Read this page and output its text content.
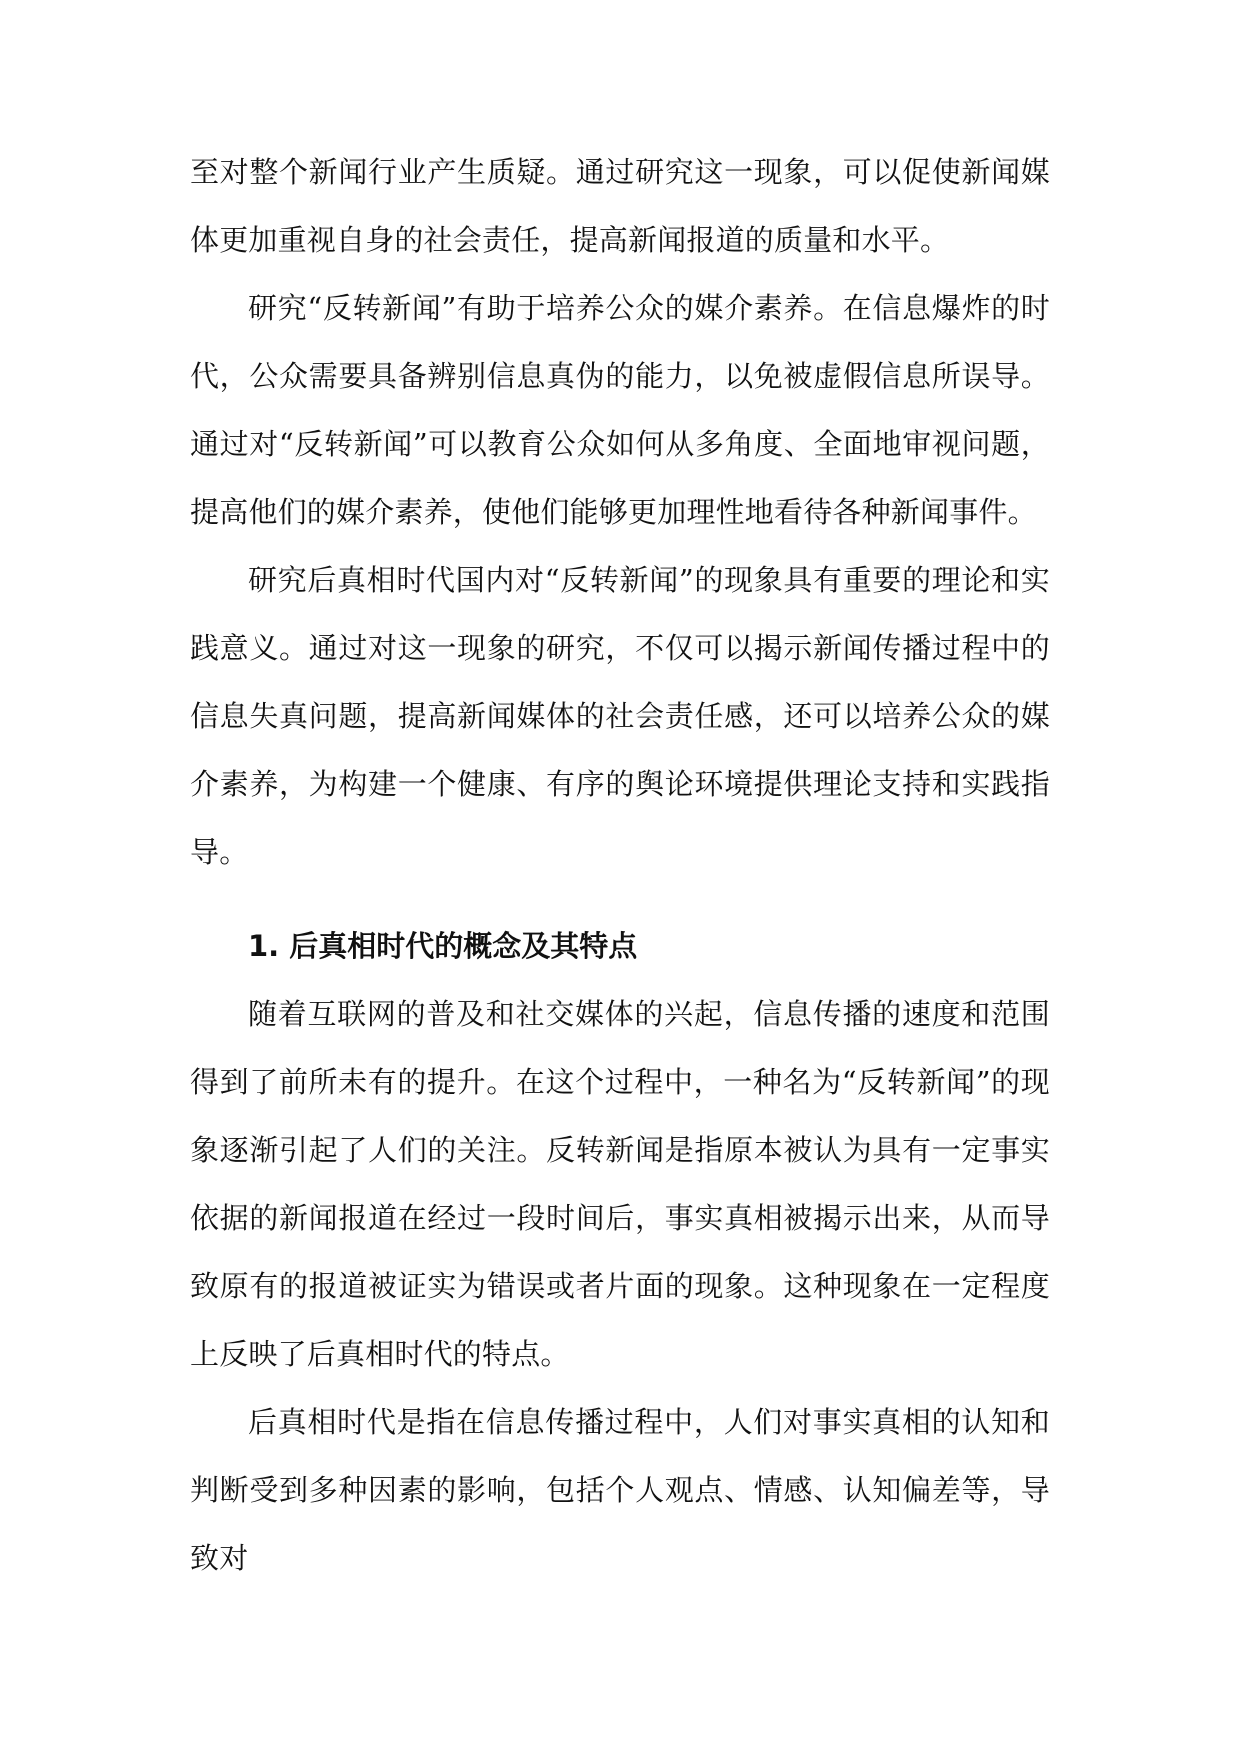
至对整个新闻行业产生质疑。通过研究这一现象，可以促使新闻媒体更加重视自身的社会责任，提高新闻报道的质量和水平。

研究“反转新闻”有助于培养公众的媒介素养。在信息爆炸的时代，公众需要具备辨别信息真伪的能力，以免被虚假信息所误导。通过对“反转新闻”可以教育公众如何从多角度、全面地审视问题，提高他们的媒介素养，使他们能够更加理性地看待各种新闻事件。

研究后真相时代国内对“反转新闻”的现象具有重要的理论和实践意义。通过对这一现象的研究，不仅可以揭示新闻传播过程中的信息失真问题，提高新闻媒体的社会责任感，还可以培养公众的媒介素养，为构建一个健康、有序的舆论环境提供理论支持和实践指导。

1. 后真相时代的概念及其特点

随着互联网的普及和社交媒体的兴起，信息传播的速度和范围得到了前所未有的提升。在这个过程中，一种名为“反转新闻”的现象逐渐引起了人们的关注。反转新闻是指原本被认为具有一定事实依据的新闻报道在经过一段时间后，事实真相被揭示出来，从而导致原有的报道被证实为错误或者片面的现象。这种现象在一定程度上反映了后真相时代的特点。

后真相时代是指在信息传播过程中，人们对事实真相的认知和判断受到多种因素的影响，包括个人观点、情感、认知偏差等，导致对
